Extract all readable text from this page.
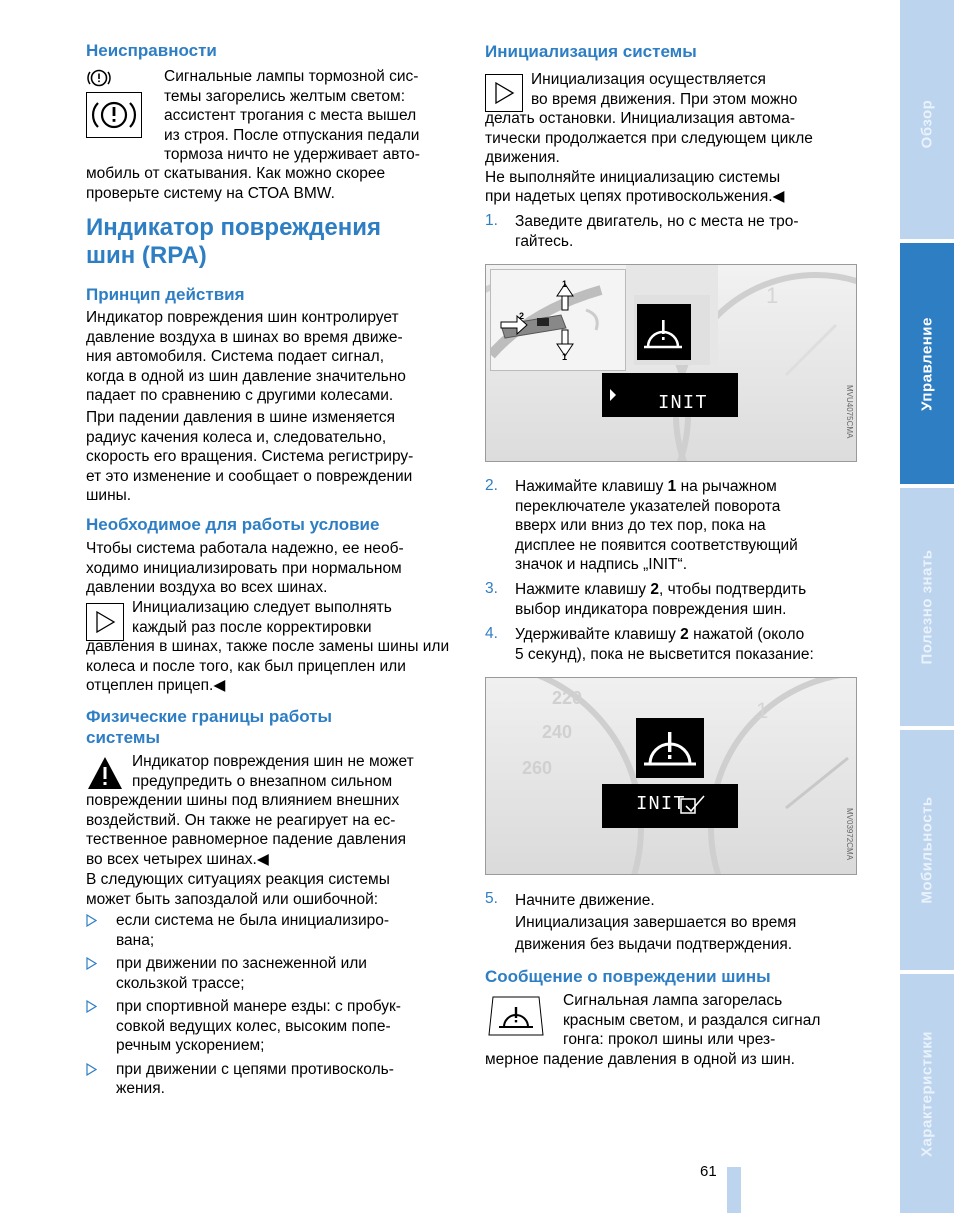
Неисправности

Сигнальные лампы тормозной сис-

темы загорелись желтым светом:

ассистент трогания с места вышел

из строя. После отпускания педали

тормоза ничто не удерживает авто-

мобиль от скатывания. Как можно скорее

проверьте систему на СТОА BMW.

Индикатор повреждения
шин (RPA)
Принцип действия

Индикатор повреждения шин контролирует

давление воздуха в шинах во время движе-

ния автомобиля. Система подает сигнал,

когда в одной из шин давление значительно

падает по сравнению с другими колесами.

При падении давления в шине изменяется

радиус качения колеса и, следовательно,

скорость его вращения. Система регистриру-

ет это изменение и сообщает о повреждении

шины.

Необходимое для работы условие

Чтобы система работала надежно, ее необ-

ходимо инициализировать при нормальном

давлении воздуха во всех шинах.

Инициализацию следует выполнять

каждый раз после корректировки

давления в шинах, также после замены шины или

колеса и после того, как был прицеплен или

отцеплен прицеп.◀

Физические границы работы
системы

Индикатор повреждения шин не может

предупредить о внезапном сильном

повреждении шины под влиянием внешних

воздействий. Он также не реагирует на ес-

тественное равномерное падение давления

во всех четырех шинах.◀

В следующих ситуациях реакция системы

может быть запоздалой или ошибочной:

если система не была инициализиро-

вана;

при движении по заснеженной или

скользкой трассе;

при спортивной манере езды: с пробук-

совкой ведущих колес, высоким попе-

речным ускорением;

при движении с цепями противосколь-

жения.

Инициализация системы

Инициализация осуществляется

во время движения. При этом можно

делать остановки. Инициализация автома-

тически продолжается при следующем цикле

движения.

Не выполняйте инициализацию системы

при надетых цепях противоскольжения.◀

1. Заведите двигатель, но с места не тро-

гайтесь.

1
INIT
1
2
1
MVU4075CMA
2. Нажимайте клавишу 1 на рычажном

переключателе указателей поворота

вверх или вниз до тех пор, пока на

дисплее не появится соответствующий

значок и надпись „INIT“.

3. Нажмите клавишу 2, чтобы подтвердить

выбор индикатора повреждения шин.

4. Удерживайте клавишу 2 нажатой (около

5 секунд), пока не высветится показание:

1
220
240
260
INIT
MV03972CMA
5. Начните движение.

Инициализация завершается во время

движения без выдачи подтверждения.

Сообщение о повреждении шины

Сигнальная лампа загорелась

красным светом, и раздался сигнал

гонга: прокол шины или чрез-

мерное падение давления в одной из шин.

Обзор
Управление
Полезно знать
Мобильность
Характеристики
61
